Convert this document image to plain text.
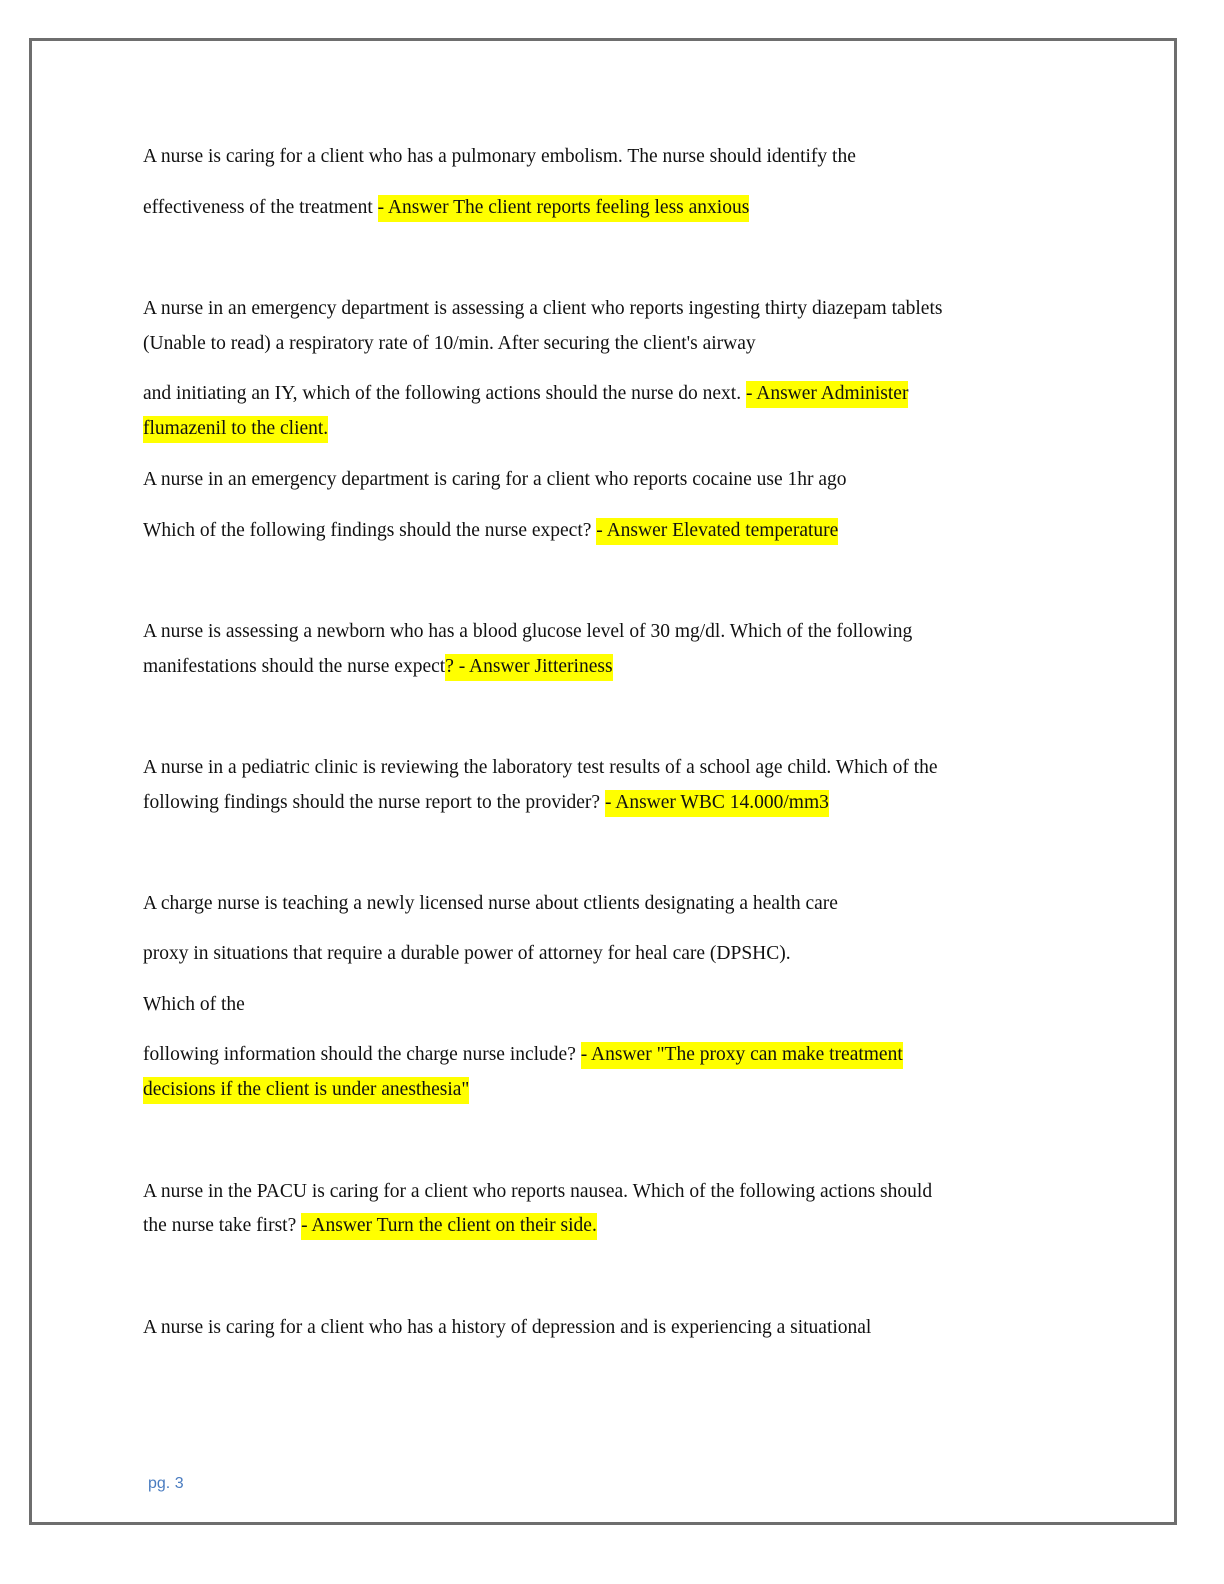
A nurse is caring for a client who has a pulmonary embolism. The nurse should identify the
effectiveness of the treatment - Answer The client reports feeling less anxious
A nurse in an emergency department is assessing a client who reports ingesting thirty diazepam tablets
(Unable to read) a respiratory rate of 10/min. After securing the client's airway
and initiating an IY, which of the following actions should the nurse do next. - Answer Administer
flumazenil to the client.
A nurse in an emergency department is caring for a client who reports cocaine use 1hr ago
Which of the following findings should the nurse expect? - Answer Elevated temperature
A nurse is assessing a newborn who has a blood glucose level of 30 mg/dl. Which of the following
manifestations should the nurse expect? - Answer Jitteriness
A nurse in a pediatric clinic is reviewing the laboratory test results of a school age child. Which of the
following findings should the nurse report to the provider? - Answer WBC 14.000/mm3
A charge nurse is teaching a newly licensed nurse about ctlients designating a health care
proxy in situations that require a durable power of attorney for heal care (DPSHC).
Which of the
following information should the charge nurse include? - Answer "The proxy can make treatment
decisions if the client is under anesthesia"
A nurse in the PACU is caring for a client who reports nausea. Which of the following actions should
the nurse take first? - Answer Turn the client on their side.
A nurse is caring for a client who has a history of depression and is experiencing a situational
pg. 3
